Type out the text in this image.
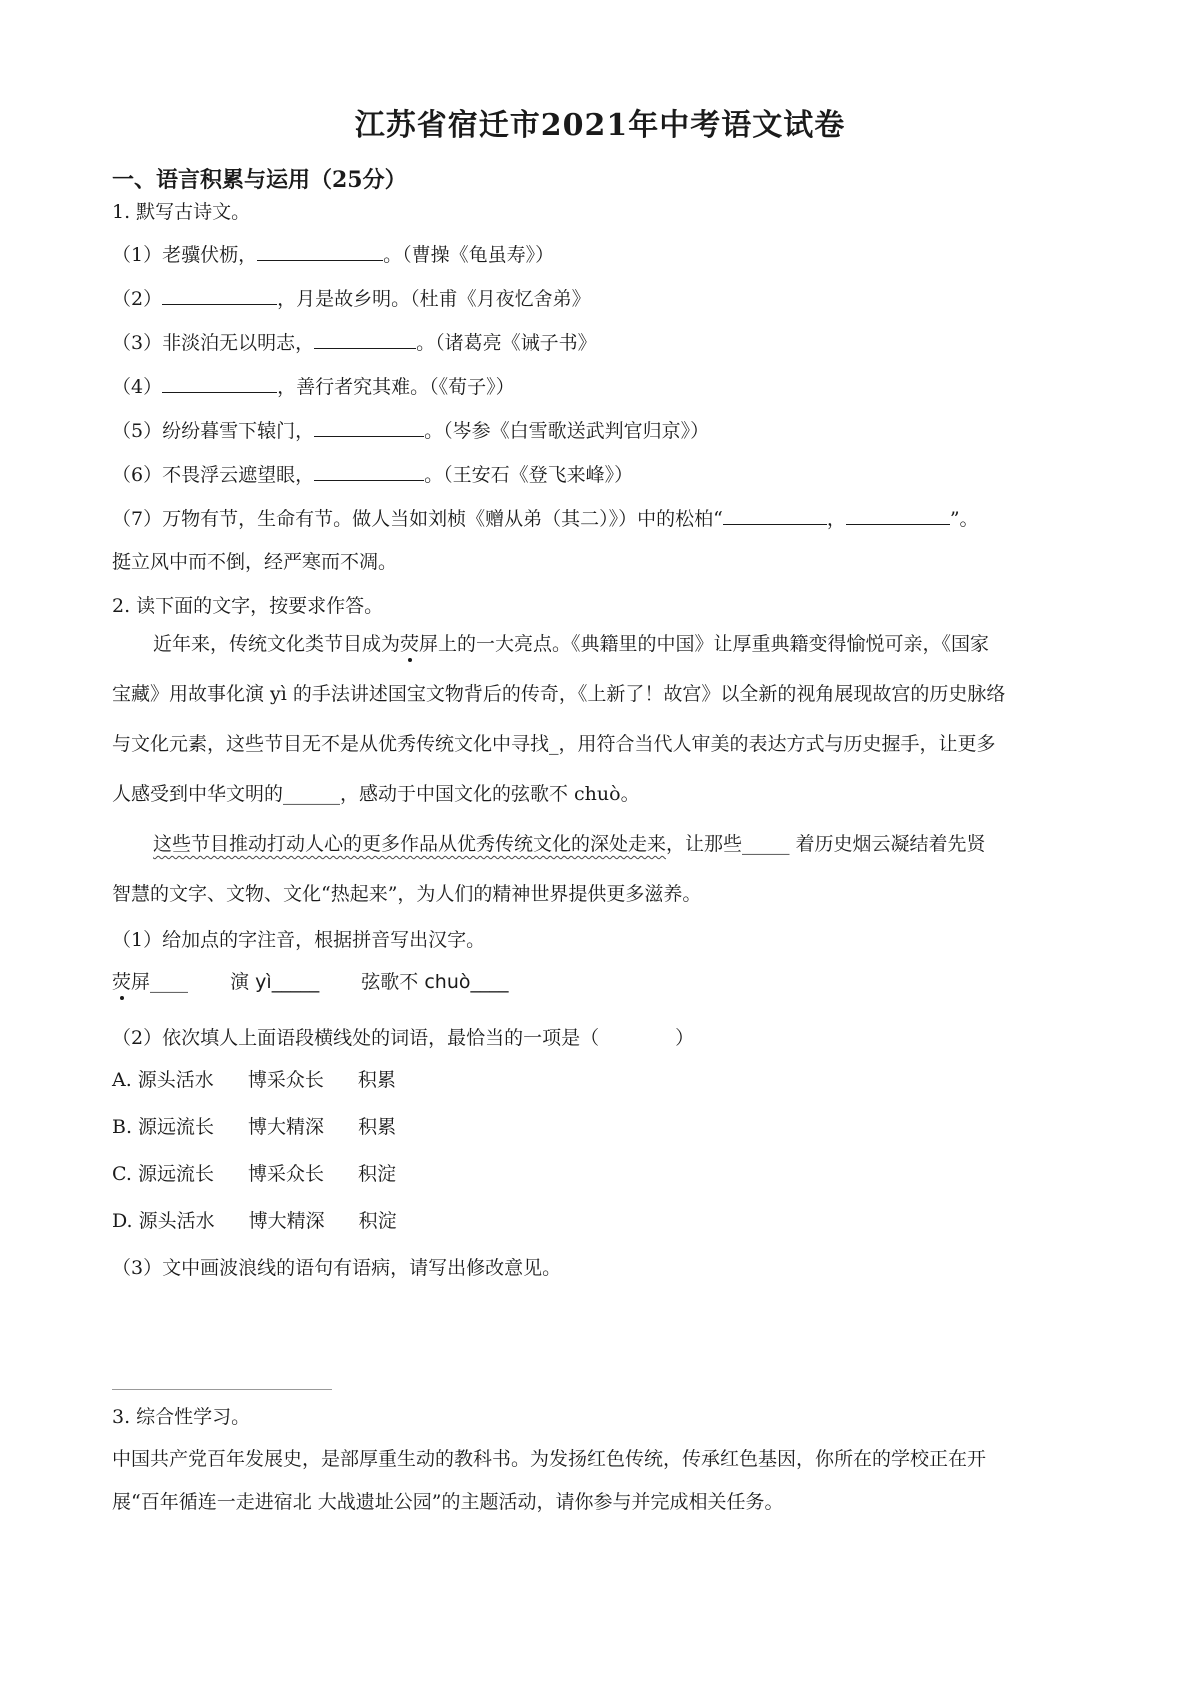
江苏省宿迁市2021年中考语文试卷
一、语言积累与运用（25分）
1. 默写古诗文。
（1）老骥伏枥，	。（曹操《龟虽寿》）
（2）	，月是故乡明。（杜甫《月夜忆舍弟》
（3）非淡泊无以明志，	。（诸葛亮《诫子书》
（4）	，善行者究其难。（《荀子》）
（5）纷纷暮雪下辕门，	。（岑参《白雪歌送武判官归京》）
（6）不畏浮云遮望眼，	。（王安石《登飞来峰》）
（7）万物有节，生命有节。做人当如刘桢《赠从弟（其二）》）中的松柏“	，	”。
挺立风中而不倒，经严寒而不凋。
2. 读下面的文字，按要求作答。
近年来，传统文化类节目成为荧屏上的一大亮点。《典籍里的中国》让厚重典籍变得愉悦可亲，《国家
宝藏》用故事化演 yì 的手法讲述国宝文物背后的传奇，《上新了！故宫》以全新的视角展现故宫的历史脉络
与文化元素，这些节目无不是从优秀传统文化中寻找_，用符合当代人审美的表达方式与历史握手，让更多
人感受到中华文明的______，感动于中国文化的弦歌不 chuò。
这些节目推动打动人心的更多作品从优秀传统文化的深处走来，让那些_____ 着历史烟云凝结着先贤
智慧的文字、文物、文化“热起来”，为人们的精神世界提供更多滋养。
（1）给加点的字注音，根据拼音写出汉字。
荧屏____ 演 yì_____ 弦歌不 chuò____
（2）依次填人上面语段横线处的词语，最恰当的一项是（　　　　）
A. 源头活水 博采众长 积累
B. 源远流长 博大精深 积累
C. 源远流长 博采众长 积淀
D. 源头活水 博大精深 积淀
（3）文中画波浪线的语句有语病，请写出修改意见。
3. 综合性学习。
中国共产党百年发展史，是部厚重生动的教科书。为发扬红色传统，传承红色基因，你所在的学校正在开
展“百年循连一走进宿北 大战遗址公园”的主题活动，请你参与并完成相关任务。
